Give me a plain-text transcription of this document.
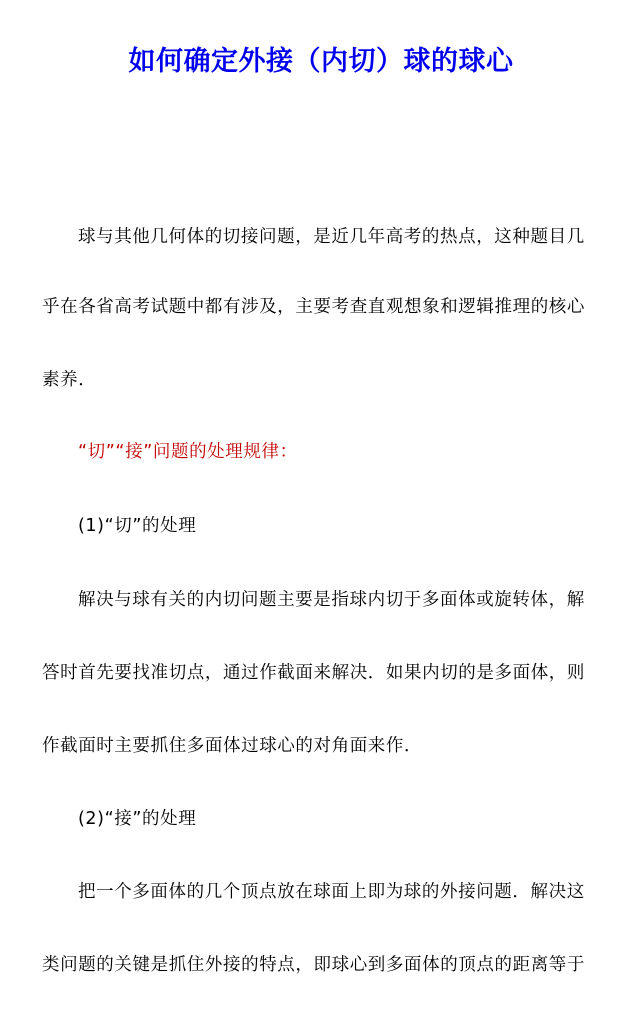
如何确定外接（内切）球的球心
球与其他几何体的切接问题，是近几年高考的热点，这种题目几
乎在各省高考试题中都有涉及，主要考查直观想象和逻辑推理的核心
素养．
“切”“接”问题的处理规律：
(1)“切”的处理
解决与球有关的内切问题主要是指球内切于多面体或旋转体，解
答时首先要找准切点，通过作截面来解决．如果内切的是多面体，则
作截面时主要抓住多面体过球心的对角面来作．
(2)“接”的处理
把一个多面体的几个顶点放在球面上即为球的外接问题．解决这
类问题的关键是抓住外接的特点，即球心到多面体的顶点的距离等于
